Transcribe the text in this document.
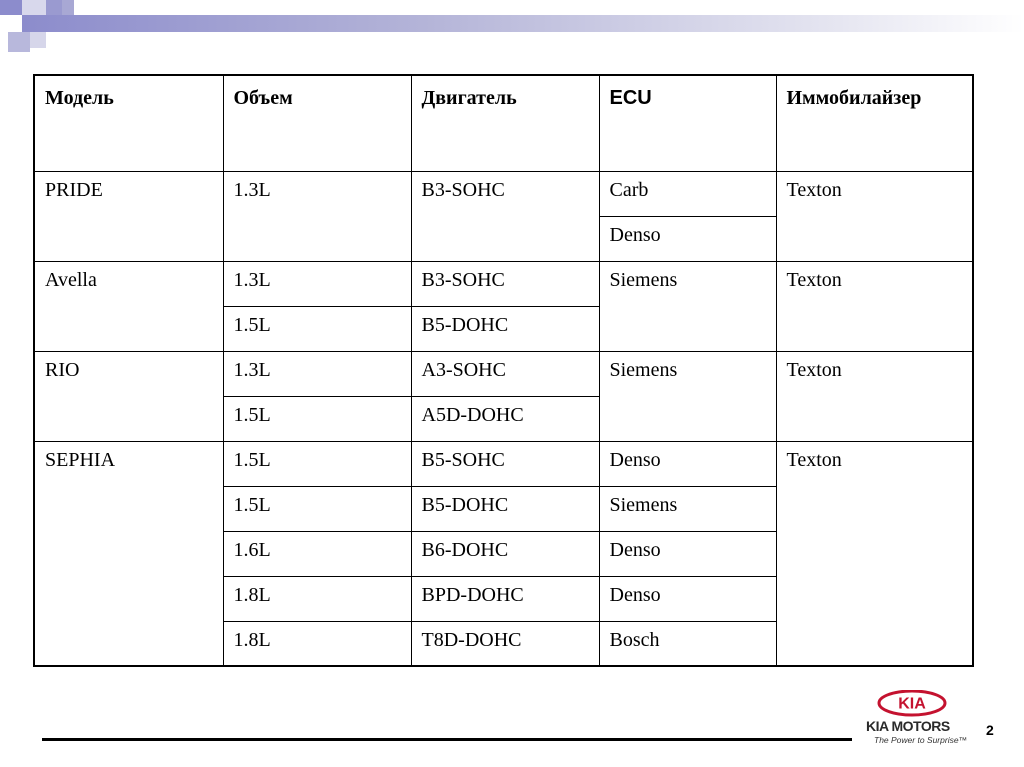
Модель	Объем	Двигатель	ECU	Иммобилайзер
PRIDE	1.3L	B3-SOHC	Carb	Texton
			Denso	
Avella	1.3L	B3-SOHC	Siemens	Texton
	1.5L	B5-DOHC		
RIO	1.3L	A3-SOHC	Siemens	Texton
	1.5L	A5D-DOHC		
SEPHIA	1.5L	B5-SOHC	Denso	Texton
	1.5L	B5-DOHC	Siemens	
	1.6L	B6-DOHC	Denso	
	1.8L	BPD-DOHC	Denso	
	1.8L	T8D-DOHC	Bosch	
KIA
KIA MOTORS
The Power to Surprise™
2
